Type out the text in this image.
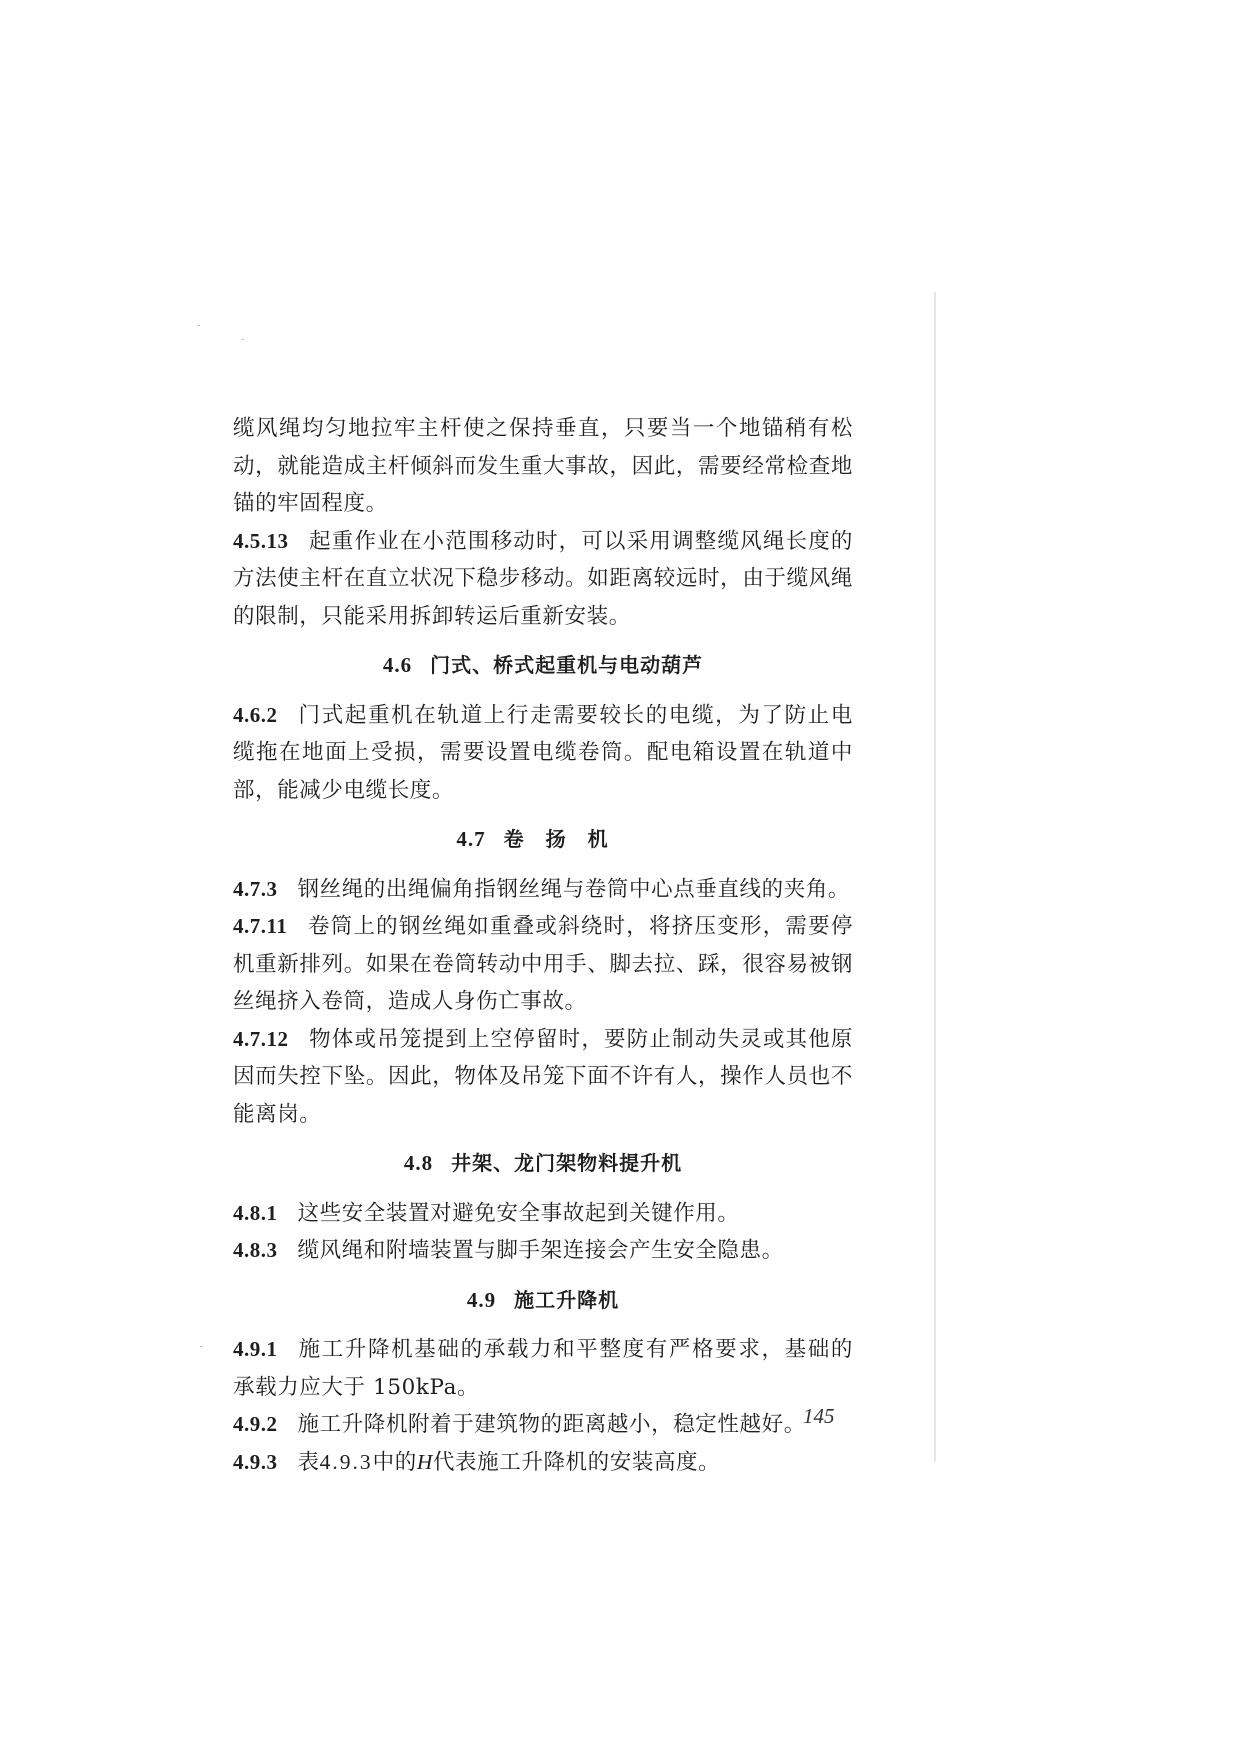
缆风绳均匀地拉牢主杆使之保持垂直，只要当一个地锚稍有松
动，就能造成主杆倾斜而发生重大事故，因此，需要经常检查地
锚的牢固程度。
4.5.13 起重作业在小范围移动时，可以采用调整缆风绳长度的
方法使主杆在直立状况下稳步移动。如距离较远时，由于缆风绳
的限制，只能采用拆卸转运后重新安装。
4.6 门式、桥式起重机与电动葫芦
4.6.2 门式起重机在轨道上行走需要较长的电缆，为了防止电
缆拖在地面上受损，需要设置电缆卷筒。配电箱设置在轨道中
部，能减少电缆长度。
4.7 卷扬机
4.7.3 钢丝绳的出绳偏角指钢丝绳与卷筒中心点垂直线的夹角。
4.7.11 卷筒上的钢丝绳如重叠或斜绕时，将挤压变形，需要停
机重新排列。如果在卷筒转动中用手、脚去拉、踩，很容易被钢
丝绳挤入卷筒，造成人身伤亡事故。
4.7.12 物体或吊笼提到上空停留时，要防止制动失灵或其他原
因而失控下坠。因此，物体及吊笼下面不许有人，操作人员也不
能离岗。
4.8 井架、龙门架物料提升机
4.8.1 这些安全装置对避免安全事故起到关键作用。
4.8.3 缆风绳和附墙装置与脚手架连接会产生安全隐患。
4.9 施工升降机
4.9.1 施工升降机基础的承载力和平整度有严格要求，基础的
承载力应大于 150kPa。
4.9.2 施工升降机附着于建筑物的距离越小，稳定性越好。
4.9.3 表4.9.3中的H代表施工升降机的安装高度。
145
